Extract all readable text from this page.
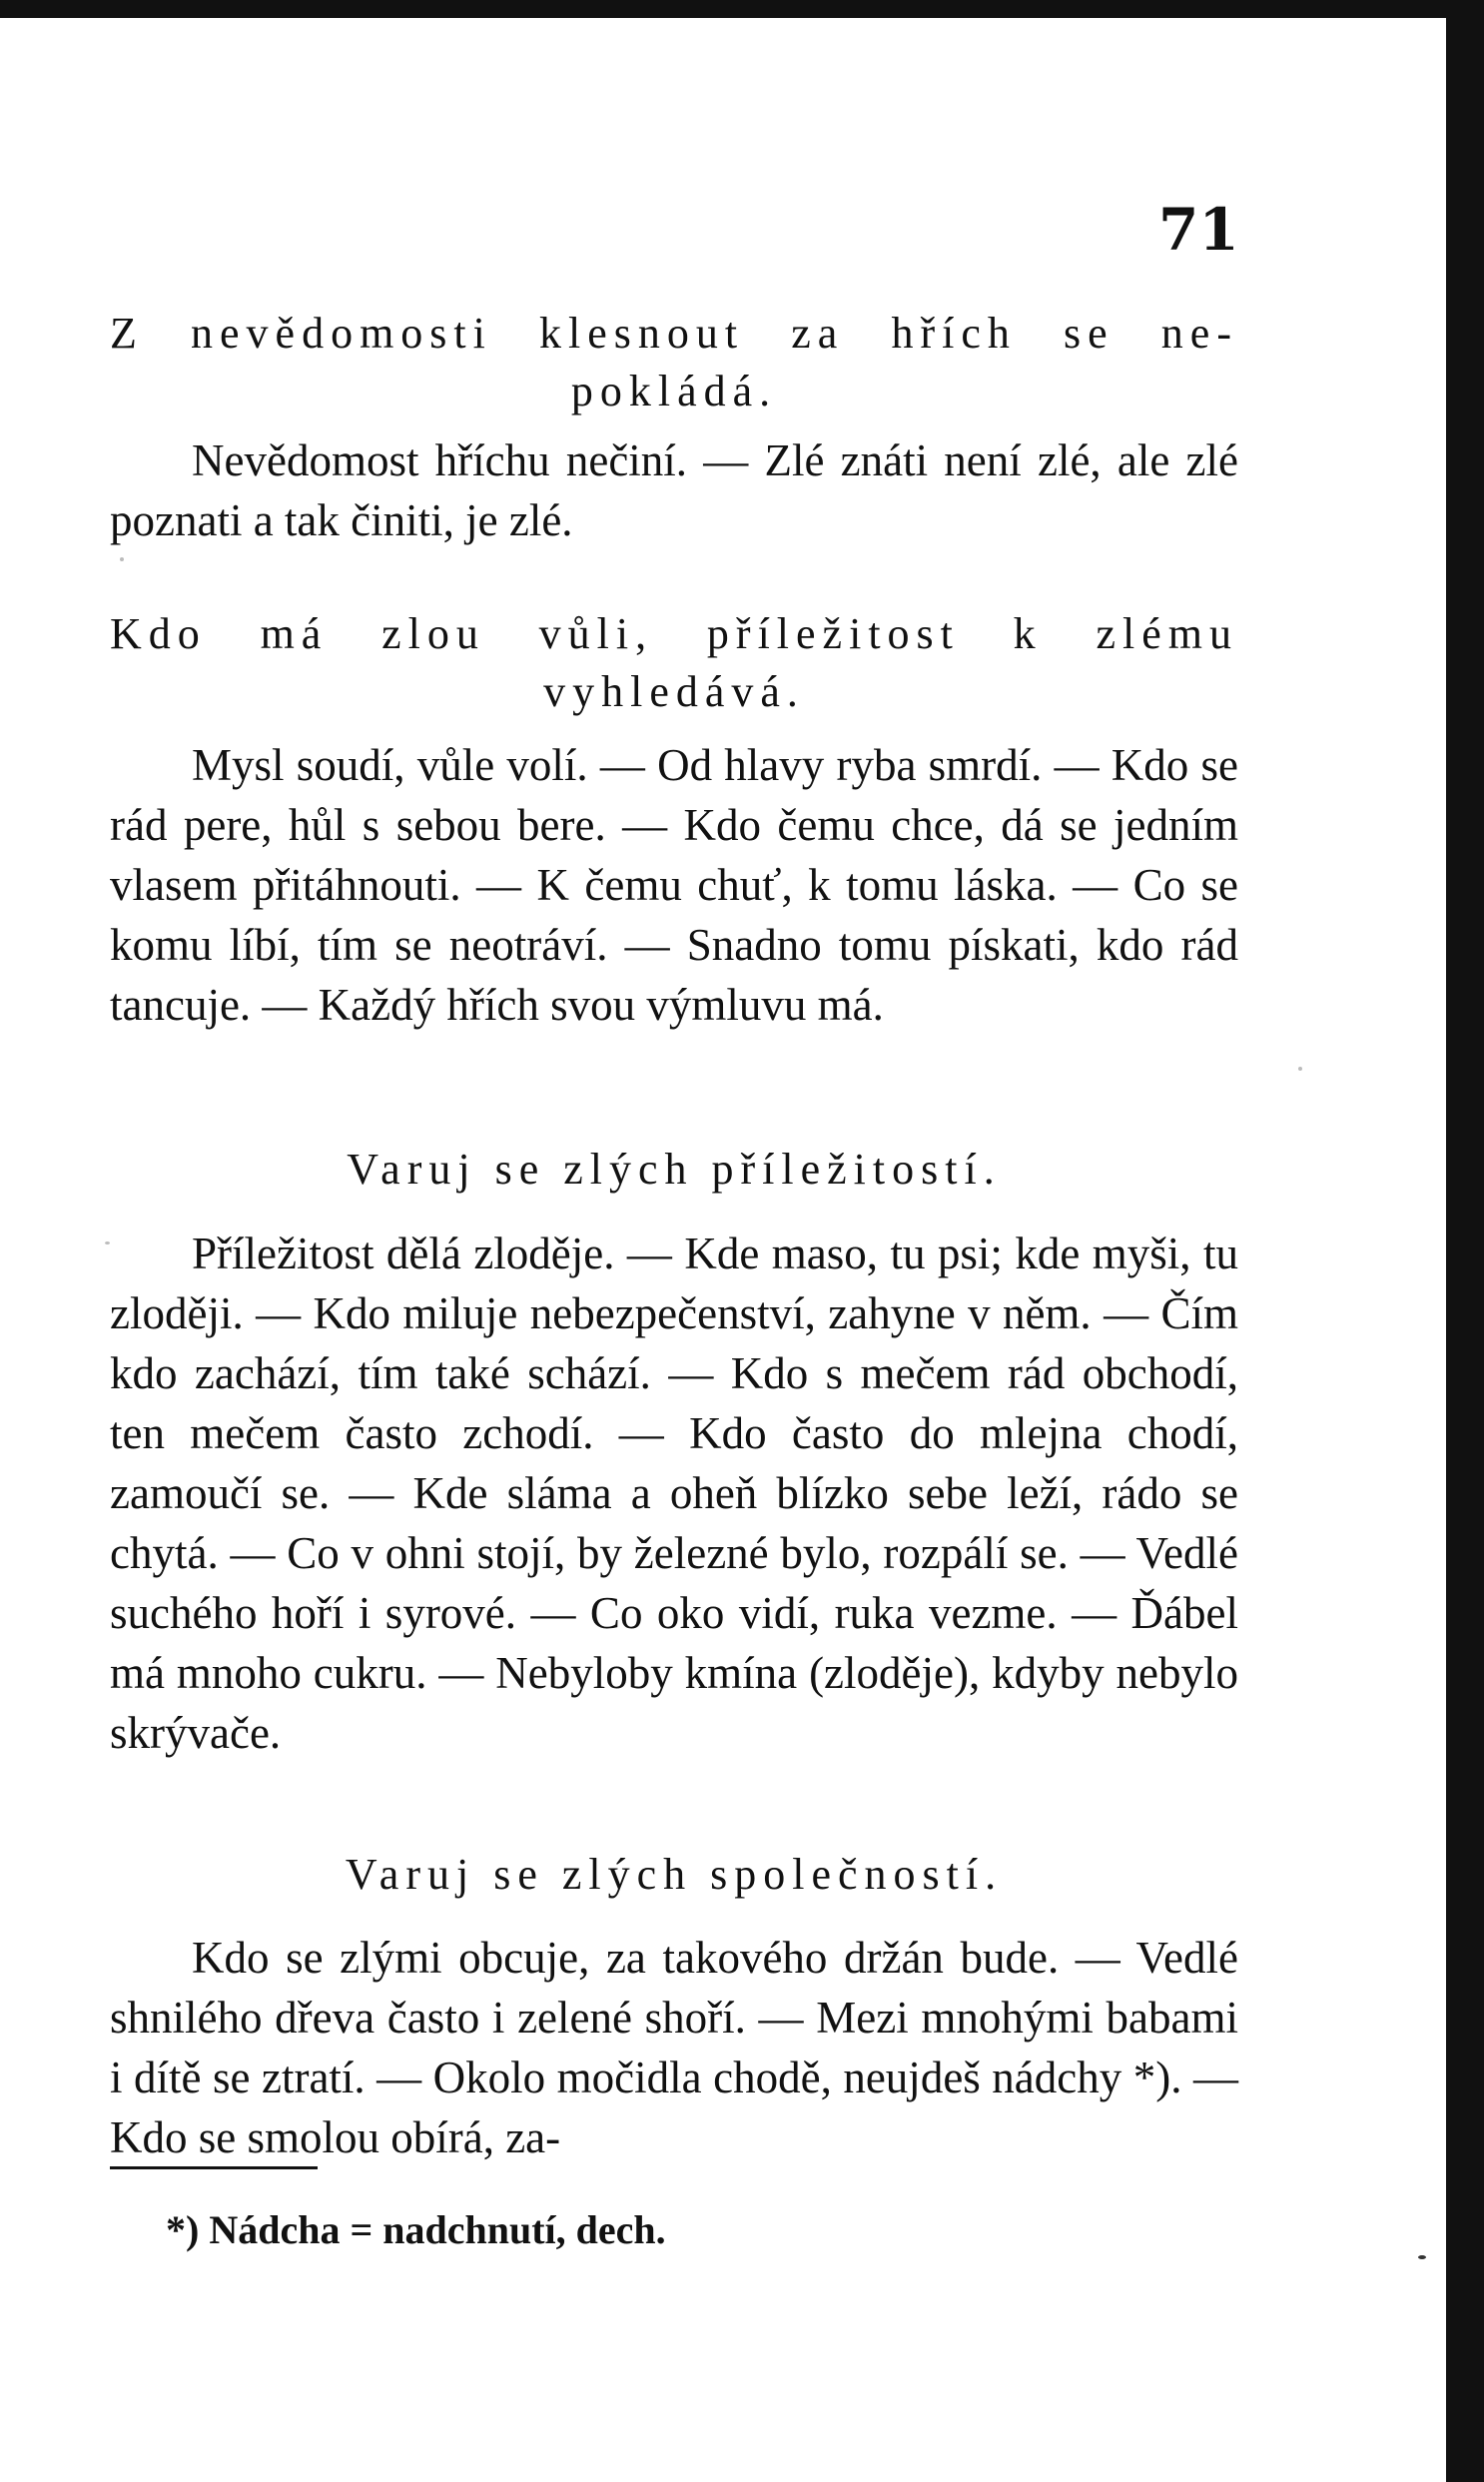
71
Z nevědomosti klesnout za hřích se ne-
pokládá.

Nevědomost hříchu nečiní. — Zlé znáti není zlé, ale zlé poznati a tak činiti, je zlé.

Kdo má zlou vůli, příležitost k zlému
vyhledává.

Mysl soudí, vůle volí. — Od hlavy ryba smrdí. — Kdo se rád pere, hůl s sebou bere. — Kdo čemu chce, dá se jedním vlasem přitáhnouti. — K čemu chuť, k tomu láska. — Co se komu líbí, tím se neotráví. — Snadno tomu pískati, kdo rád tancuje. — Každý hřích svou výmluvu má.

Varuj se zlých příležitostí.

Příležitost dělá zloděje. — Kde maso, tu psi; kde myši, tu zloději. — Kdo miluje nebezpečenství, zahyne v něm. — Čím kdo zachází, tím také schází. — Kdo s mečem rád obchodí, ten mečem často zchodí. — Kdo často do mlejna chodí, zamoučí se. — Kde sláma a oheň blízko sebe leží, rádo se chytá. — Co v ohni stojí, by železné bylo, rozpálí se. — Vedlé suchého hoří i syrové. — Co oko vidí, ruka vezme. — Ďábel má mnoho cukru. — Nebyloby kmína (zloděje), kdyby nebylo skrývače.

Varuj se zlých společností.

Kdo se zlými obcuje, za takového držán bude. — Vedlé shnilého dřeva často i zelené shoří. — Mezi mnohými babami i dítě se ztratí. — Okolo močidla chodě, neujdeš nádchy *). — Kdo se smolou obírá, za-

*) Nádcha = nadchnutí, dech.
